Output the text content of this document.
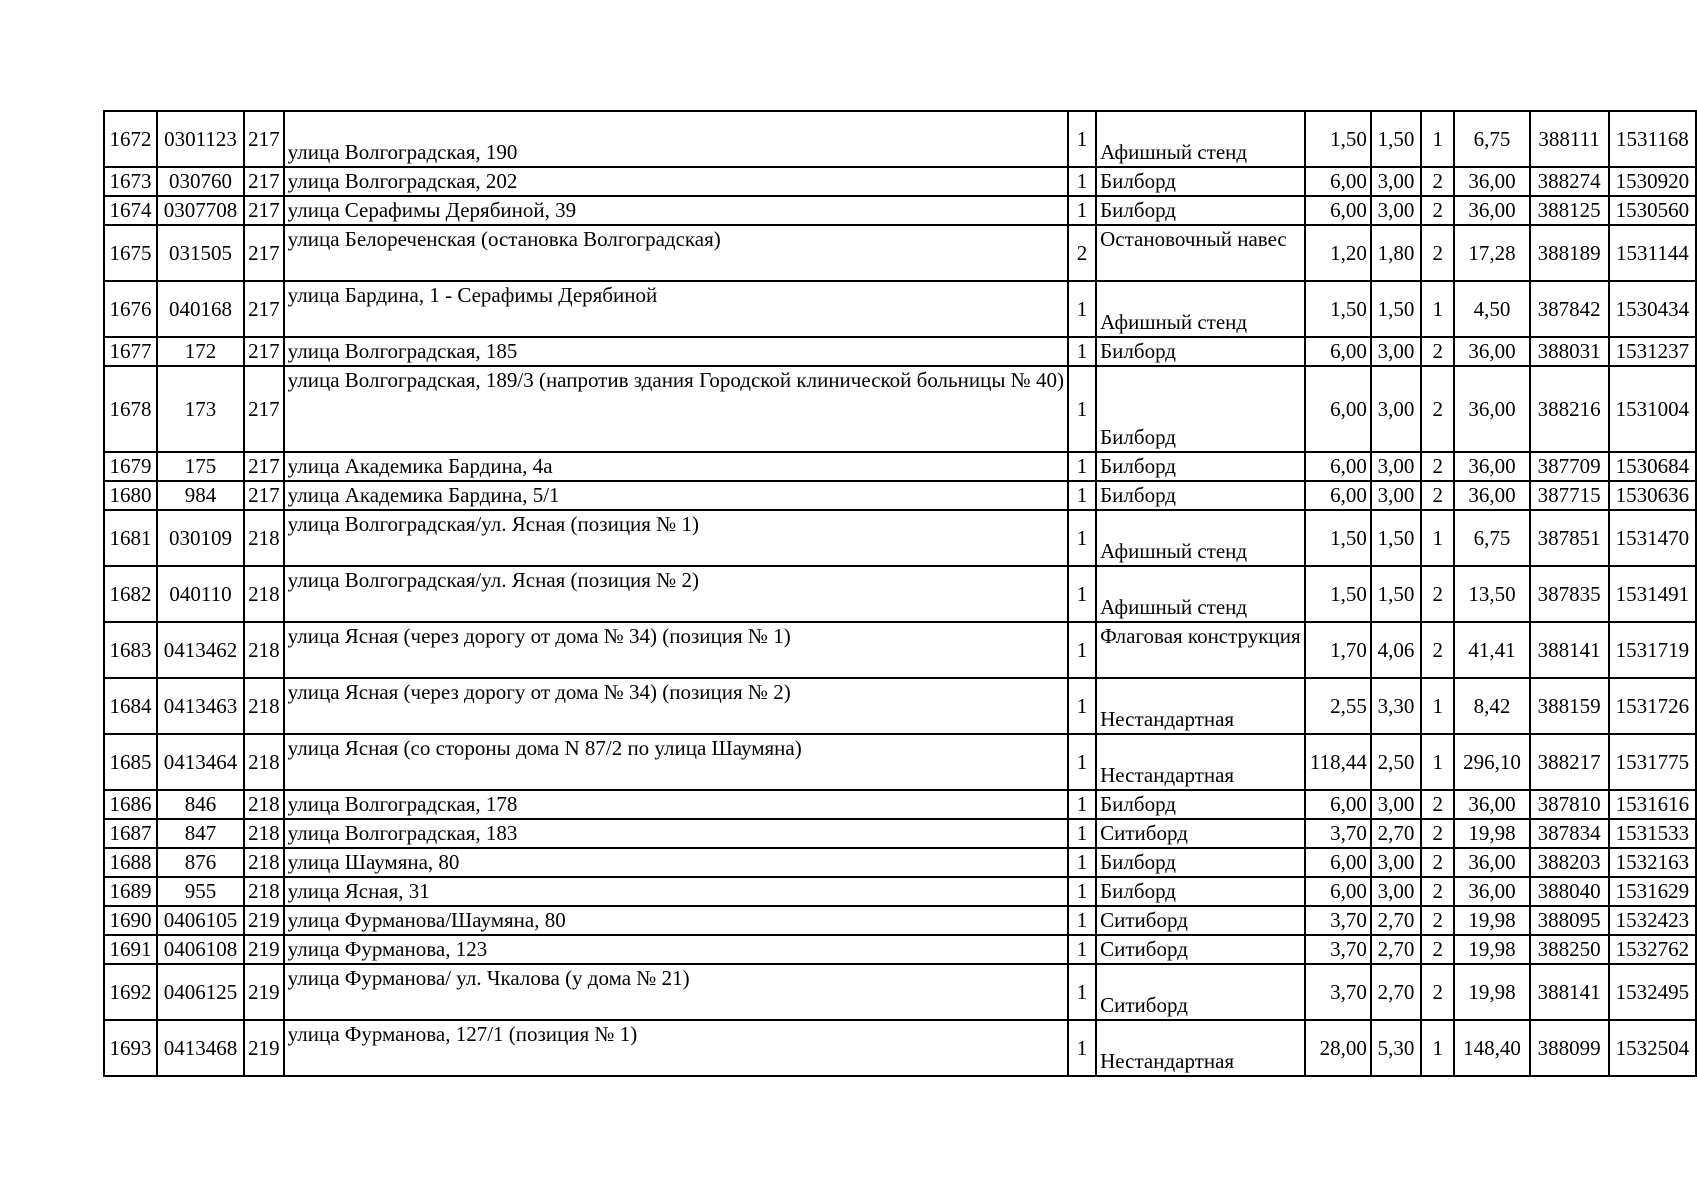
1672	0301123	217	улица Волгоградская, 190	1	Афишный стенд	1,50	1,50	1	6,75	388111	1531168
1673	030760	217	улица Волгоградская, 202	1	Билборд	6,00	3,00	2	36,00	388274	1530920
1674	0307708	217	улица Серафимы Дерябиной, 39	1	Билборд	6,00	3,00	2	36,00	388125	1530560
1675	031505	217	улица Белореченская (остановка Волгоградская)	2	Остановочный навес	1,20	1,80	2	17,28	388189	1531144
1676	040168	217	улица Бардина, 1 - Серафимы Дерябиной	1	Афишный стенд	1,50	1,50	1	4,50	387842	1530434
1677	172	217	улица Волгоградская, 185	1	Билборд	6,00	3,00	2	36,00	388031	1531237
1678	173	217	улица Волгоградская, 189/3 (напротив здания Городской клинической больницы № 40)	1	Билборд	6,00	3,00	2	36,00	388216	1531004
1679	175	217	улица Академика Бардина, 4а	1	Билборд	6,00	3,00	2	36,00	387709	1530684
1680	984	217	улица Академика Бардина, 5/1	1	Билборд	6,00	3,00	2	36,00	387715	1530636
1681	030109	218	улица Волгоградская/ул. Ясная (позиция № 1)	1	Афишный стенд	1,50	1,50	1	6,75	387851	1531470
1682	040110	218	улица Волгоградская/ул. Ясная (позиция № 2)	1	Афишный стенд	1,50	1,50	2	13,50	387835	1531491
1683	0413462	218	улица Ясная (через дорогу от дома № 34) (позиция № 1)	1	Флаговая конструкция	1,70	4,06	2	41,41	388141	1531719
1684	0413463	218	улица Ясная (через дорогу от дома № 34) (позиция № 2)	1	Нестандартная	2,55	3,30	1	8,42	388159	1531726
1685	0413464	218	улица Ясная (со стороны дома N 87/2 по улица Шаумяна)	1	Нестандартная	118,44	2,50	1	296,10	388217	1531775
1686	846	218	улица Волгоградская, 178	1	Билборд	6,00	3,00	2	36,00	387810	1531616
1687	847	218	улица Волгоградская, 183	1	Ситиборд	3,70	2,70	2	19,98	387834	1531533
1688	876	218	улица Шаумяна, 80	1	Билборд	6,00	3,00	2	36,00	388203	1532163
1689	955	218	улица Ясная, 31	1	Билборд	6,00	3,00	2	36,00	388040	1531629
1690	0406105	219	улица Фурманова/Шаумяна, 80	1	Ситиборд	3,70	2,70	2	19,98	388095	1532423
1691	0406108	219	улица Фурманова, 123	1	Ситиборд	3,70	2,70	2	19,98	388250	1532762
1692	0406125	219	улица Фурманова/ ул. Чкалова (у дома № 21)	1	Ситиборд	3,70	2,70	2	19,98	388141	1532495
1693	0413468	219	улица Фурманова, 127/1 (позиция № 1)	1	Нестандартная	28,00	5,30	1	148,40	388099	1532504
